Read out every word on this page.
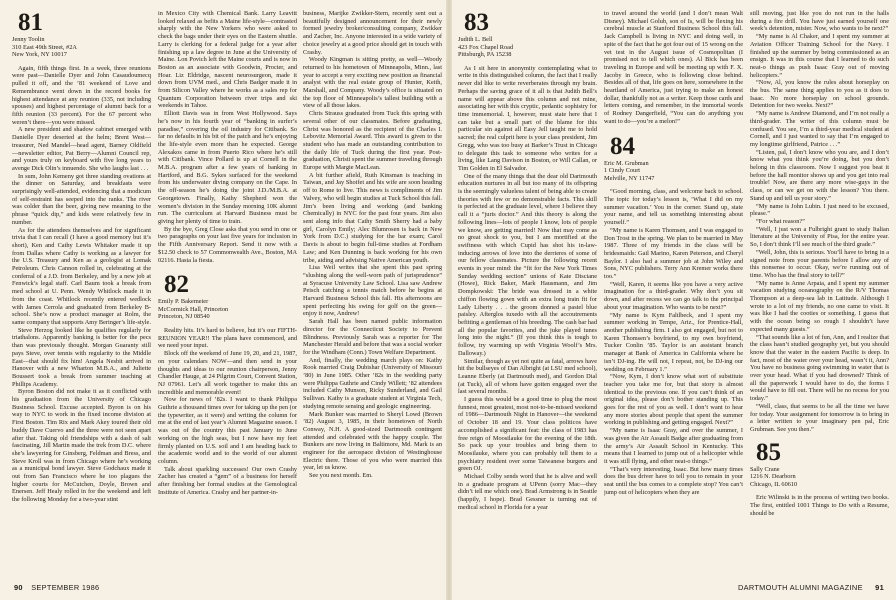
81

Jenny Toolin
310 East 49th Street, #2A
New York, NY 10017

Again, fifth things first. In a week, three reunions were past—Danielle Dyer and John Casaudoumecq pulled it off, and the ’81 weekend of Love and Remembrance went down in the record books for highest attendance at any reunion (335, not including spouses) and highest percentage of alumni back for a fifth reunion (33 percent). For the 67 percent who weren’t there—you were missed.

A new president and shadow cabinet emerged with Danielle Dyer deserted at the helm; Brent West—treasurer, Ned Mandel—head agent, Barney Oldfield—newsletter editor, Pat Berry—Alumni Council rep, and yours truly on keyboard with five long years to avenge Dick Olin’s innuendo. She who laughs last . . .

In sum, John Kemeny got three standing ovations at the dinner on Saturday, and breakfasts were surprisingly well-attended, evidencing that a modicum of self-restraint has seeped into the ranks. The river was colder than the beer, giving new meaning to the phrase “quick dip,” and kids were relatively few in number.

As for the attendees themselves and for significant trivia that I can recall (I have a good memory but it’s short), Ken and Cathy Lewis Whitaker made it up from Dallas where Cathy is working as a lawyer for the U.S. Treasury and Ken as a geologist at Lomak Petroleum. Chris Cannon rolled in, celebrating at the conferral of a J.D. from Berkeley, and by a new job at Fenwick’s legal staff. Carl Baum took a break from med school at U. Penn. Wendy Whitlock made it in from the coast. Whitlock recently entered wedlock with James Cerrola and graduated from Berkeley B-school. She’s now a product manager at Rolm, the same company that supports Amy Beringer’s life-style.

Steve Herzog looked like he qualifies regularly for triathalons. Apparently banking is better for the pecs than was previously thought. Morgan Guaranty still pays Steve, over tennis with regularity to the Middle East—that should fix him! Angela Nesbit arrived in Hanover with a new Wharton M.B.A., and Juliette Boussert took a break from summer teaching at Phillips Academy.

Byron Boston did not make it as it conflicted with his graduation from the University of Chicago Business School. Excuse accepted. Byron is on his way to NYC to work in the fixed income division at First Boston. Tim Rix and Mark Akey toured their old buddy Dave Cuervo and the three were not seen apart after that. Taking old friendships with a dash of salt fascinating, Jill Martin made the trek from D.C. where she’s lawyering for Ginsberg, Feldman and Bress, and Steve Kroll was in from Chicago where he’s working as a municipal bond lawyer. Steve Godchaux made it out from San Francisco where he too plagues the higher courts for McCutchen, Doyle, Brown and Enersen. Jeff Healy rolled in for the weekend and left the following Monday for a two-year stint

in Mexico City with Chemical Bank. Larry Leavitt looked relaxed as befits a Maine life-style—contrasted sharply with the New Yorkers who were asked to check the bags under their eyes on the Eastern shuttle. Larry is clerking for a federal judge for a year after finishing up a law degree in June at the University of Maine. Lon Povich left the Maine courts and is now in Boston as an associate with Goodwin, Procter, and Hoar. Liz Eldridge, nascent neurosurgeon, made it down from UVM med., and Chris Badger made it in from Silicon Valley where he works as a sales rep for Quantum Corporation between river trips and ski weekends in Tahoe.

Elliott Davis was in from West Hollywood. Says he’s now in his fourth year of “banking in surfer’s paradise,” covering the oil industry for Citibank. So far no defaults in his bit of the patch and he’s enjoying the life-style even more than he expected. George Alexakos came in from Puerto Rico where he’s still with Citibank. Vince Pollard is up at Cornell in the M.B.A. program after a few years of banking in Hartford, and B.G. Sykes surfaced for the weekend from his underwater diving company on the Cape. In the off-season he’s doing the joint J.D./M.B.A. at Georgetown. Finally, Kathy Shepherd won the women’s division in the Sunday morning 10K alumni run. The curriculum at Harvard Business must be giving her plenty of time to train.

By the bye, Greg Close asks that you send in one or two paragraphs on your last five years for inclusion in the Fifth Anniversary Report. Send it now with a $12.50 check to 57 Commonwealth Ave., Boston, MA 02116. Hasta la fiesta.

82

Emily P. Bakemeier
McCormick Hall, Princeton
Princeton, NJ 08540

Reality hits. It’s hard to believe, but it’s our FIFTH-REUNION YEAR!! The plans have commenced, and we need your input.

Block off the weekend of June 19, 20, and 21, 1987, on your calendars NOW—and then send in your thoughts and ideas to our reunion chairperson, Jenny Chandler Hauge, at 24 Pilgrim Court, Convent Station, NJ 07961. Let’s all work together to make this an incredible and memorable event!

Now for news of ’82s. I want to thank Philippa Guthrie a thousand times over for taking up the pen (or the typewriter, as it were) and writing the column for me at the end of last year’s Alumni Magazine season. I was out of the country this past January to June working on the high seas, but I now have my feet firmly planted on U.S. soil and I am heading back to the academic world and to the world of our alumni column.

Talk about sparkling successes! Our own Crashy Zacher has created a “gem” of a business for herself after finishing her formal studies at the Gemological Institute of America. Crashy and her partner-in-

business, Marijke Zwikker-Stern, recently sent out a beautifully designed announcement for their newly formed jewelry broker/consulting company, Zwikker and Zacher, Inc. Anyone interested in a wide variety of choice jewelry at a good price should get in touch with Crashy.

Woody Kingman is sitting pretty, as well—Woody returned to his hometown of Minneapolis, Minn., last year to accept a very exciting new position as financial analyst with the real estate group of Hunter, Keith, Marshall, and Company. Woody’s office is situated on the top floor of Minneapolis’s tallest building with a view of all those lakes.

Chris Strauss graduated from Tuck this spring with several other of our classmates. Before graduating, Christ was honored as the recipient of the Charles I. Lebovitz Memorial Award. This award is given to the student who has made an outstanding contribution to the daily life of Tuck during the first year. Post-graduation, Christi spent the summer traveling through Europe with Margie MacLean.

A bit further afield, Ruth Kinsman is teaching in Taiwan, and Jay Shoifet and his wife are soon heading off to Rome to live. This news is compliments of Jim Valvey, who will begin studies at Tuck School this fall. Jim’s been living and working (and banking Chemically) in NYC for the past four years. Jim also sent along info that Cathy Smith Sherry had a baby girl, Carolyn Emily; Alec Blumrosen is back in New York from D.C.) studying for the bar exam; Carol Davis is about to begin full-time studies at Fordham Law; and Ken Dunning is back working for his own tribe, aiding and advising Native American youth.

Lisa Weil writes that she spent this past spring “slushing along the well-worn path of jurisprudence” at Syracuse University Law School. Lisa saw Andrew Peisch catching a tennis match before he begins at Harvard Business School this fall. His afternoons are spent perfecting his swing for golf on the green—enjoy it now, Andrew!

Sarah Hall has been named public information director for the Connecticut Society to Prevent Blindness. Previously Sarah was a reporter for The Manchester Herald and before that was a social worker for the Windham (Conn.) Town Welfare Department.

And, finally, the wedding march plays on: Kathy Rook married Craig Dubishar (University of Missouri ’80) in June 1985. Other ’82s in the wedding party were Philippa Guthrie and Cindy Willett; ’82 attendees included Cathy Munson, Ricky Sunderland, and Gail Sullivan. Kathy is a graduate student at Virginia Tech, studying remote sensing and geologic engineering.

Mark Bunker was married to Sheryl Lowd (Brown ’82) August 3, 1985, in their hometown of North Conway, N.H. A good-sized Dartmouth contingent attended and celebrated with the happy couple. The Bunkers are now living in Baltimore, Md. Mark is an engineer for the aerospace division of Westinghouse Electric there. Those of you who were married this year, let us know.

See you next month. Em.

90 SEPTEMBER 1986

83

Judith L. Bell
423 Fox Chapel Road
Pittsburgh, PA 15238

As I sit here in anonymity contemplating what to write in this distinguished column, the fact that I really never did like to write reverberates through my brain. Perhaps the saving grace of it all is that Judith Bell’s name will appear above this column and not mine, associating her with this cryptic, pedantic sophistry for time immemorial. I, however, must state here that I can take but a small part of the blame for this particular sin against all Easy Jell taught me to hold sacred; the real culprit here is your class president, Jim Gregg, who was too busy at Barker’s Trust in Chicago to delegate this task to someone who writes for a living, like Lang Davison in Boston, or Will Callan, or Tim Golden in El Salvador.

One of the many things that the dear old Dartmouth education nurtures in all but too many of its offspring is the seemingly valueless talent of being able to create theories with few or no demonstrable facts. This skill is perfected at the graduate level, where I believe they call it a “juris doctor.” And this theory is along the following lines—lots of people I know, lots of people we know, are getting married! Now that may come as no great shock to you, but I am mortified at the swiftness with which Cupid has shot his in-law-inducing arrows of love into the derrieres of some of our fellow classmates. Picture the following recent events in your mind: the “fit for the New York Times Sunday wedding section” unions of Kate Disciane (Howe), Rick Baker, Mark Hausmann, and Jim Dompkowski: The bride was dressed in a white chiffon flowing gown with an extra long train fit for Lady Liberty . . . the groom donned a pastel blue paisley. Afterglos tuxedo with all the accoutrements befitting a gentleman of his breeding. The cash bar had all the popular favorites, and the juke played tunes long into the night.” (If you think this is tough to follow, try warming up with Virginia Woolf’s Mrs. Dalloway.)

Similar, though as yet not quite as fatal, arrows have hit the bullseyes of Dan Albright (at LSU med school), Leanne Eberly (at Dartmouth med), and Gordon Dial (at Tuck), all of whom have gotten engaged over the last several months.

I guess this would be a good time to plug the most funnest, most greatest, most not-to-be-missed weekend of 1986—Dartmouth Night in Hanover—the weekend of October 18 and 19. Your class politicos have accomplished a significant feat: the class of 1983 has free reign of Moosilauke for the evening of the 18th. So pack up your troubles and bring them to Moosilauke, where you can probably tell them to a psychiatry resident over some Taiwanese burgers and green OJ.

Michael Colby sends word that he is alive and well in a graduate program at UPenn (sorry Mac—they didn’t tell me which one). Brad Armstrong is in Seattle (happily, I hope). Brad Gessner is turning out of medical school in Florida for a year

to travel around the world (and I don’t mean Walt Disney). Michael Golub, son of Is, will be flexing his cerebral muscle at Stanford Business School this fall. Jack Campbell is living in NYC and doing well, in spite of the fact that he got four out of 15 wrong on the vet test in the August issue of Cosmopolitan (I promised not to tell which ones). Al Bick has been traveling in Europe and will be meeting up with F. X. Jacoby in Greece, who is following close behind. Besides all of that, life goes on here, somewhere in the heartland of America, just trying to make an honest dollar, thankfully not as a writer. Keep those cards and letters coming, and remember, in the immortal words of Rodney Dangerfield, “You can do anything you want to do—you’re a melon!”

84

Eric M. Grubman
1 Cindy Court
Melville, NY 11747

“Good morning, class, and welcome back to school. The topic for today’s lesson is, ‘What I did on my summer vacation.’ You in the corner. Stand up, state your name, and tell us something interesting about yourself.”

“My name is Karen Thomsen, and I was engaged to Don Trost in the spring. We plan to be married in May 1987. Three of my friends in the class will be bridesmaids: Gail Marino, Karen Peterson, and Cheryl Baylor. I also had a summer job at John Wiley and Sons, NYC publishers. Terry Ann Kremer works there too.”

“Well, Karen, it seems like you have a very active imagination for a third-grader. Why don’t you sit down, and after recess we can go talk to the principal about your imagination. Who wants to be next?”

“My name is Kym Faltlbeck, and I spent my summer working in Tempe, Ariz., for Prentice-Hall, another publishing firm. I also got engaged, but not to Karen Thomsen’s boyfriend, to my own boyfriend, Tucker Conlin ’85. Taylor is an assistant branch manager at Bank of America in California where he isn’t DJ-ing. He will not, I repeat, not, be DJ-ing our wedding on February 1.”

“Now, Kym, I don’t know what sort of substitute teacher you take me for, but that story is almost identical to the previous one. If you can’t think of an original idea, please don’t bother standing up. This goes for the rest of you as well. I don’t want to hear any more stories about people that spent the summer working in publishing and getting engaged. Next?”

“My name is Isaac Gray, and over the summer, I was given the Air Assault Badge after graduating from the army’s Air Assault School in Kentucky. This means that I learned to jump out of a helicopter while it was still flying, and other neat-o things.”

“That’s very interesting, Isaac. But how many times does the bus driver have to tell you to remain in your seat until the bus comes to a complete stop? You can’t jump out of helicopters when they are

still moving, just like you do not run in the halls during a fire drill. You have just earned yourself one week’s detention, mister. Now, who wants to be next?”

“My name is Al Chaker, and I spent my summer at Aviation Officer Training School for the Navy. I finished up the summer by being commissioned as an ensign. It was in this course that I learned to do such neat-o things as push Isaac Gray out of moving helicopters.”

“Now, Al, you know the rules about horseplay on the bus. The same thing applies to you as it does to Isaac. No more horseplay on school grounds. Detention for two weeks. Next?”

“My name is Andrew Diamond, and I’m not really a third-grader. The writer of this column must be confused. You see, I’m a third-year medical student at Cornell, and I just wanted to say that I’m engaged to my longtime girlfriend, Patrice . . .”

“Listen, pal, I don’t know who you are, and I don’t know what you think you’re doing, but you don’t belong in this classroom. Now I suggest you beat it before the hall monitor shows up and you get into real trouble! Now, are there any more wise-guys in the class, or can we get on with the lesson? You there. Stand up and tell us your story.”

“My name is John Lubin. I just need to be excused, please.”

“For what reason?”

“Well, I just won a Fulbright grant to study Italian literature at the University of Pisa, for the entire year. So, I don’t think I’ll see much of the third grade.”

“Well, John, this is serious. You’ll have to bring in a signed note from your parents before I allow any of this nonsense to occur. Okay, we’re running out of time. Who has the final story to tell?”

“My name is Anne Arpaia, and I spent my summer vacation studying oceanography on the R/V Thomas Thompson at a deep-sea lab in Latitude. Although I wrote to a lot of my friends, no one came to visit. It was like I had the cooties or something. I guess that with the ocean being so rough I shouldn’t have expected many guests.”

“That sounds like a lot of fun, Ann, and I realize that the class hasn’t studied geography yet, but you should know that the water in the eastern Pacific is deep. In fact, most of the water over your head, wasn’t it, Ann? You have no business going swimming in water that is over your head. What if you had drowned? Think of all the paperwork I would have to do, the forms I would have to fill out. There will be no recess for you today.”

“Well, class, that seems to be all the time we have for today. Your assignment for tomorrow is to bring in a letter written to your imaginary pen pal, Eric Grubman. See you then.”

85

Sally Crane
1216 N. Dearborn
Chicago, IL 60610

Eric Wilinski is in the process of writing two books. The first, entitled 1001 Things to Do with a Resume, should be

DARTMOUTH ALUMNI MAGAZINE 91
